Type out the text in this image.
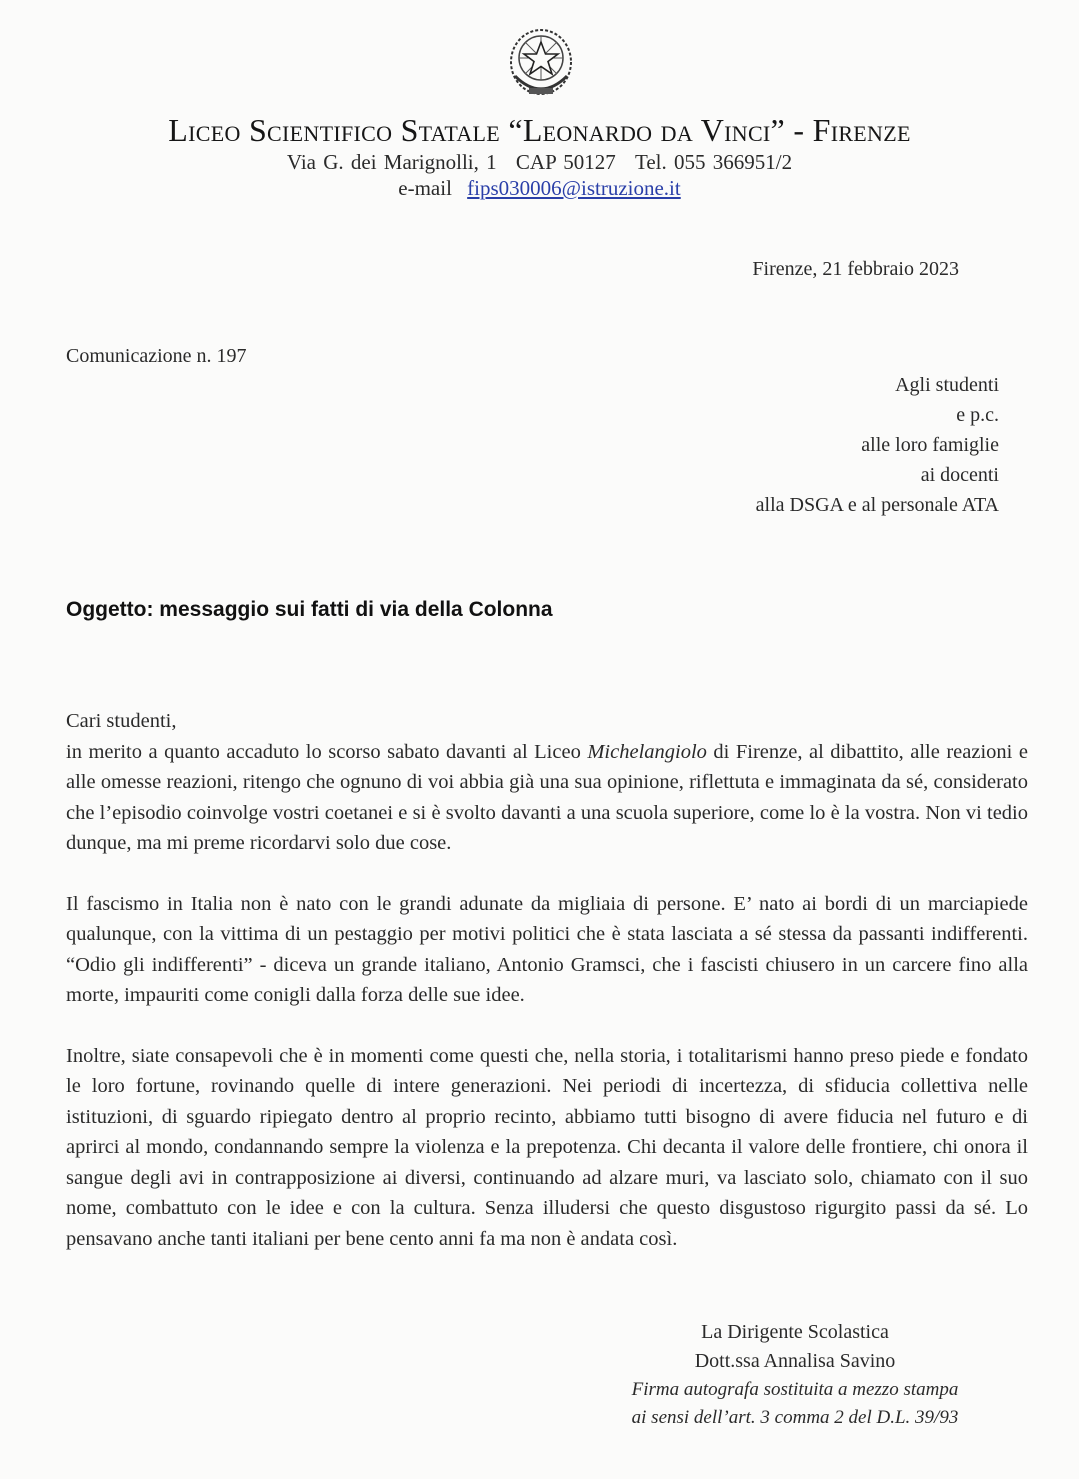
Liceo Scientifico Statale “Leonardo da Vinci” - Firenze
Via G. dei Marignolli, 1 CAP 50127 Tel. 055 366951/2
e-mail fips030006@istruzione.it
Firenze, 21 febbraio 2023
Comunicazione n. 197
Agli studenti
e p.c.
alle loro famiglie
ai docenti
alla DSGA e al personale ATA
Oggetto: messaggio sui fatti di via della Colonna

Cari studenti,
in merito a quanto accaduto lo scorso sabato davanti al Liceo Michelangiolo di Firenze, al dibattito, alle reazioni e alle omesse reazioni, ritengo che ognuno di voi abbia già una sua opinione, riflettuta e immaginata da sé, considerato che l’episodio coinvolge vostri coetanei e si è svolto davanti a una scuola superiore, come lo è la vostra. Non vi tedio dunque, ma mi preme ricordarvi solo due cose.

Il fascismo in Italia non è nato con le grandi adunate da migliaia di persone. E’ nato ai bordi di un marciapiede qualunque, con la vittima di un pestaggio per motivi politici che è stata lasciata a sé stessa da passanti indifferenti. “Odio gli indifferenti” - diceva un grande italiano, Antonio Gramsci, che i fascisti chiusero in un carcere fino alla morte, impauriti come conigli dalla forza delle sue idee.

Inoltre, siate consapevoli che è in momenti come questi che, nella storia, i totalitarismi hanno preso piede e fondato le loro fortune, rovinando quelle di intere generazioni. Nei periodi di incertezza, di sfiducia collettiva nelle istituzioni, di sguardo ripiegato dentro al proprio recinto, abbiamo tutti bisogno di avere fiducia nel futuro e di aprirci al mondo, condannando sempre la violenza e la prepotenza. Chi decanta il valore delle frontiere, chi onora il sangue degli avi in contrapposizione ai diversi, continuando ad alzare muri, va lasciato solo, chiamato con il suo nome, combattuto con le idee e con la cultura. Senza illudersi che questo disgustoso rigurgito passi da sé. Lo pensavano anche tanti italiani per bene cento anni fa ma non è andata così.

La Dirigente Scolastica
Dott.ssa Annalisa Savino
Firma autografa sostituita a mezzo stampa
ai sensi dell’art. 3 comma 2 del D.L. 39/93
